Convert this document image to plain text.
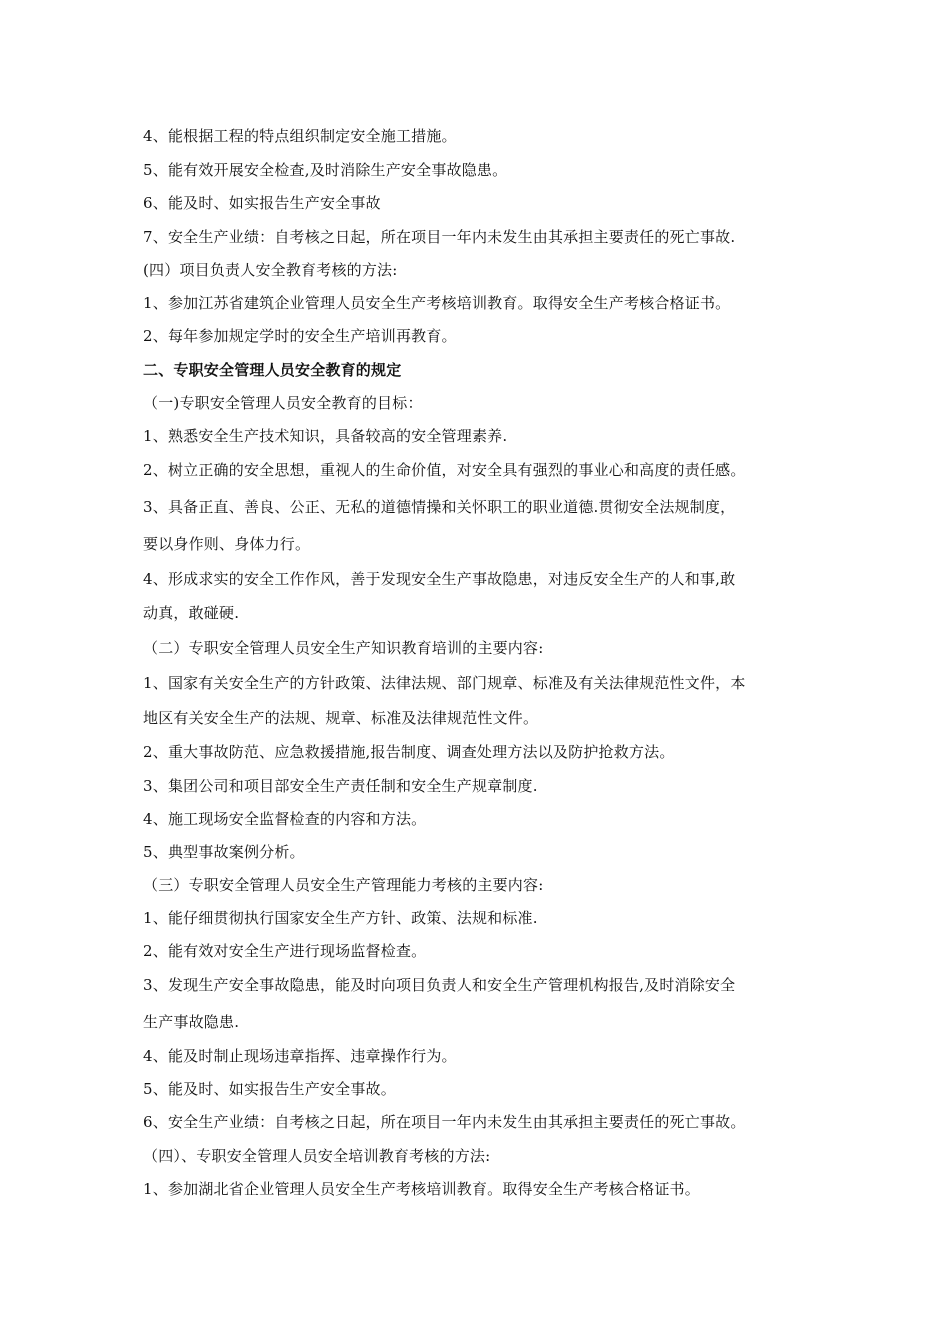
4、能根据工程的特点组织制定安全施工措施。
5、能有效开展安全检查,及时消除生产安全事故隐患。
6、能及时、如实报告生产安全事故
7、安全生产业绩：自考核之日起，所在项目一年内未发生由其承担主要责任的死亡事故.
(四）项目负责人安全教育考核的方法:
1、参加江苏省建筑企业管理人员安全生产考核培训教育。取得安全生产考核合格证书。
2、每年参加规定学时的安全生产培训再教育。
二、专职安全管理人员安全教育的规定
（一)专职安全管理人员安全教育的目标：
1、熟悉安全生产技术知识，具备较高的安全管理素养.
2、树立正确的安全思想，重视人的生命价值，对安全具有强烈的事业心和高度的责任感。
3、具备正直、善良、公正、无私的道德情操和关怀职工的职业道德.贯彻安全法规制度，
要以身作则、身体力行。
4、形成求实的安全工作作风，善于发现安全生产事故隐患，对违反安全生产的人和事,敢
动真，敢碰硬.
（二）专职安全管理人员安全生产知识教育培训的主要内容:
1、国家有关安全生产的方针政策、法律法规、部门规章、标准及有关法律规范性文件，本
地区有关安全生产的法规、规章、标准及法律规范性文件。
2、重大事故防范、应急救援措施,报告制度、调查处理方法以及防护抢救方法。
3、集团公司和项目部安全生产责任制和安全生产规章制度.
4、施工现场安全监督检查的内容和方法。
5、典型事故案例分析。
（三）专职安全管理人员安全生产管理能力考核的主要内容:
1、能仔细贯彻执行国家安全生产方针、政策、法规和标准.
2、能有效对安全生产进行现场监督检查。
3、发现生产安全事故隐患，能及时向项目负责人和安全生产管理机构报告,及时消除安全
生产事故隐患.
4、能及时制止现场违章指挥、违章操作行为。
5、能及时、如实报告生产安全事故。
6、安全生产业绩：自考核之日起，所在项目一年内未发生由其承担主要责任的死亡事故。
（四）、专职安全管理人员安全培训教育考核的方法:
1、参加湖北省企业管理人员安全生产考核培训教育。取得安全生产考核合格证书。
